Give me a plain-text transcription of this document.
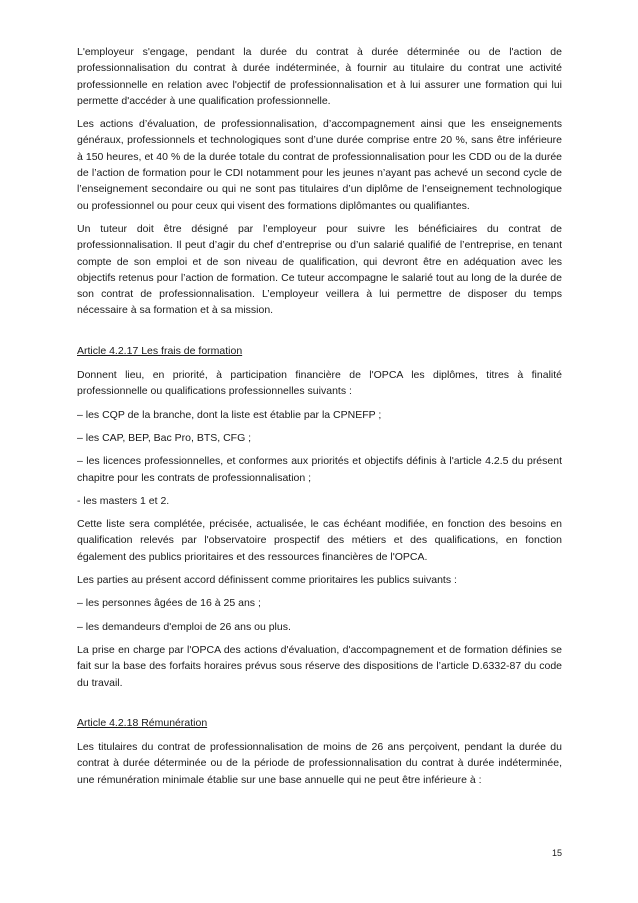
L'employeur s'engage, pendant la durée du contrat à durée déterminée ou de l'action de professionnalisation du contrat à durée indéterminée, à fournir au titulaire du contrat une activité professionnelle en relation avec l'objectif de professionnalisation et à lui assurer une formation qui lui permette d'accéder à une qualification professionnelle.

Les actions d’évaluation, de professionnalisation, d’accompagnement ainsi que les enseignements généraux, professionnels et technologiques sont d’une durée comprise entre 20 %, sans être inférieure à 150 heures, et 40 % de la durée totale du contrat de professionnalisation pour les CDD ou de la durée de l’action de formation pour le CDI notamment pour les jeunes n’ayant pas achevé un second cycle de l’enseignement secondaire ou qui ne sont pas titulaires d’un diplôme de l’enseignement technologique ou professionnel ou pour ceux qui visent des formations diplômantes ou qualifiantes.

Un tuteur doit être désigné par l’employeur pour suivre les bénéficiaires du contrat de professionnalisation. Il peut d’agir du chef d’entreprise ou d’un salarié qualifié de l’entreprise, en tenant compte de son emploi et de son niveau de qualification, qui devront être en adéquation avec les objectifs retenus pour l’action de formation. Ce tuteur accompagne le salarié tout au long de la durée de son contrat de professionnalisation. L’employeur veillera à lui permettre de disposer du temps nécessaire à sa formation et à sa mission.

Article 4.2.17 Les frais de formation

Donnent lieu, en priorité, à participation financière de l'OPCA les diplômes, titres à finalité professionnelle ou qualifications professionnelles suivants :

– les CQP de la branche, dont la liste est établie par la CPNEFP ;

– les CAP, BEP, Bac Pro, BTS, CFG ;

– les licences professionnelles, et conformes aux priorités et objectifs définis à l'article 4.2.5 du présent chapitre pour les contrats de professionnalisation ;

- les masters 1 et 2.

Cette liste sera complétée, précisée, actualisée, le cas échéant modifiée, en fonction des besoins en qualification relevés par l'observatoire prospectif des métiers et des qualifications, en fonction également des publics prioritaires et des ressources financières de l'OPCA.

Les parties au présent accord définissent comme prioritaires les publics suivants :

– les personnes âgées de 16 à 25 ans ;

– les demandeurs d'emploi de 26 ans ou plus.

La prise en charge par l'OPCA des actions d'évaluation, d'accompagnement et de formation définies se fait sur la base des forfaits horaires prévus sous réserve des dispositions de l’article D.6332-87 du code du travail.

Article 4.2.18 Rémunération

Les titulaires du contrat de professionnalisation de moins de 26 ans perçoivent, pendant la durée du contrat à durée déterminée ou de la période de professionnalisation du contrat à durée indéterminée, une rémunération minimale établie sur une base annuelle qui ne peut être inférieure à :

15
